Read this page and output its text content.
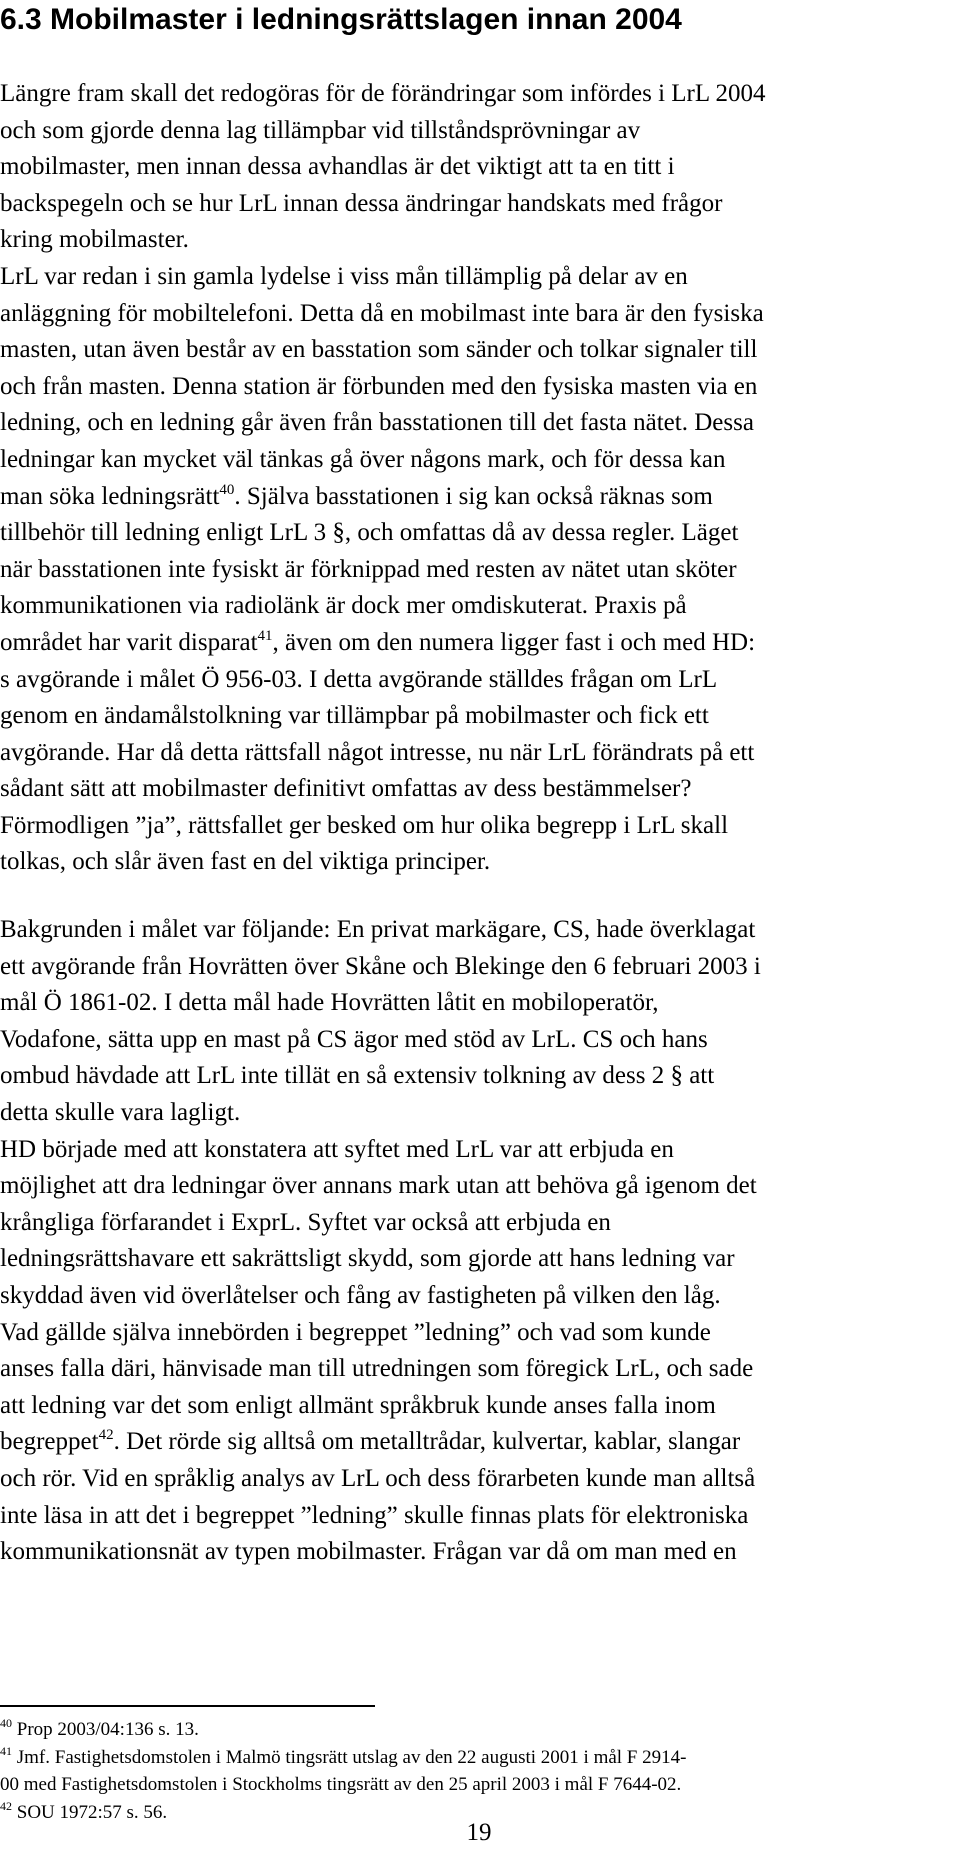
6.3 Mobilmaster i ledningsrättslagen innan 2004
Längre fram skall det redogöras för de förändringar som infördes i LrL 2004
och som gjorde denna lag tillämpbar vid tillståndsprövningar av
mobilmaster, men innan dessa avhandlas är det viktigt att ta en titt i
backspegeln och se hur LrL innan dessa ändringar handskats med frågor
kring mobilmaster.
LrL var redan i sin gamla lydelse i viss mån tillämplig på delar av en
anläggning för mobiltelefoni. Detta då en mobilmast inte bara är den fysiska
masten, utan även består av en basstation som sänder och tolkar signaler till
och från masten. Denna station är förbunden med den fysiska masten via en
ledning, och en ledning går även från basstationen till det fasta nätet. Dessa
ledningar kan mycket väl tänkas gå över någons mark, och för dessa kan
man söka ledningsrätt$^{40}$. Själva basstationen i sig kan också räknas som
tillbehör till ledning enligt LrL 3 §, och omfattas då av dessa regler. Läget
när basstationen inte fysiskt är förknippad med resten av nätet utan sköter
kommunikationen via radiolänk är dock mer omdiskuterat. Praxis på
området har varit disparat$^{41}$, även om den numera ligger fast i och med HD:
s avgörande i målet Ö 956-03. I detta avgörande ställdes frågan om LrL
genom en ändamålstolkning var tillämpbar på mobilmaster och fick ett
avgörande. Har då detta rättsfall något intresse, nu när LrL förändrats på ett
sådant sätt att mobilmaster definitivt omfattas av dess bestämmelser?
Förmodligen ”ja”, rättsfallet ger besked om hur olika begrepp i LrL skall
tolkas, och slår även fast en del viktiga principer.
Bakgrunden i målet var följande: En privat markägare, CS, hade överklagat
ett avgörande från Hovrätten över Skåne och Blekinge den 6 februari 2003 i
mål Ö 1861-02. I detta mål hade Hovrätten låtit en mobiloperatör,
Vodafone, sätta upp en mast på CS ägor med stöd av LrL. CS och hans
ombud hävdade att LrL inte tillät en så extensiv tolkning av dess 2 § att
detta skulle vara lagligt.
HD började med att konstatera att syftet med LrL var att erbjuda en
möjlighet att dra ledningar över annans mark utan att behöva gå igenom det
krångliga förfarandet i ExprL. Syftet var också att erbjuda en
ledningsrättshavare ett sakrättsligt skydd, som gjorde att hans ledning var
skyddad även vid överlåtelser och fång av fastigheten på vilken den låg.
Vad gällde själva innebörden i begreppet ”ledning” och vad som kunde
anses falla däri, hänvisade man till utredningen som föregick LrL, och sade
att ledning var det som enligt allmänt språkbruk kunde anses falla inom
begreppet$^{42}$. Det rörde sig alltså om metalltrådar, kulvertar, kablar, slangar
och rör. Vid en språklig analys av LrL och dess förarbeten kunde man alltså
inte läsa in att det i begreppet ”ledning” skulle finnas plats för elektroniska
kommunikationsnät av typen mobilmaster. Frågan var då om man med en
$^{40}$ Prop 2003/04:136 s. 13.
$^{41}$ Jmf. Fastighetsdomstolen i Malmö tingsrätt utslag av den 22 augusti 2001 i mål F 2914-
00 med Fastighetsdomstolen i Stockholms tingsrätt av den 25 april 2003 i mål F 7644-02.
$^{42}$ SOU 1972:57 s. 56.
19
